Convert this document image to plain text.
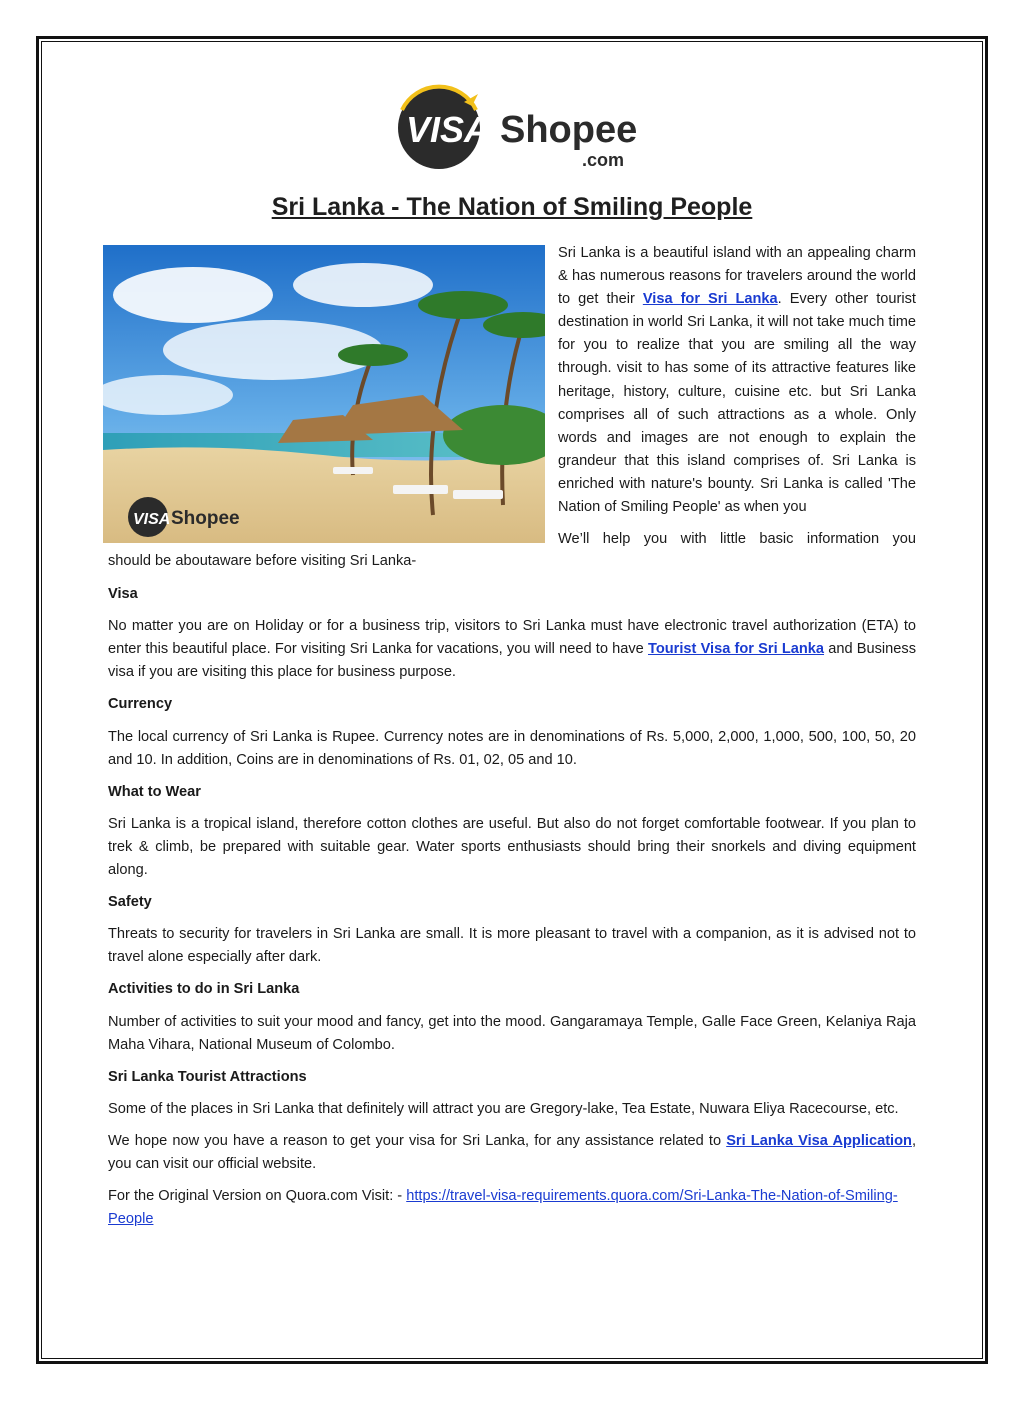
VISA Shopee
.com
Sri Lanka - The Nation of Smiling People
VISA Shopee

Sri Lanka is a beautiful island with an appealing charm & has numerous reasons for travelers around the world to get their Visa for Sri Lanka. Every other tourist destination in world Sri Lanka, it will not take much time for you to realize that you are smiling all the way through. visit to has some of its attractive features like heritage, history, culture, cuisine etc. but Sri Lanka comprises all of such attractions as a whole. Only words and images are not enough to explain the grandeur that this island comprises of. Sri Lanka is enriched with nature's bounty. Sri Lanka is called 'The Nation of Smiling People' as when you

We’ll help you with little basic information you

should be aboutaware before visiting Sri Lanka-

Visa

No matter you are on Holiday or for a business trip, visitors to Sri Lanka must have electronic travel authorization (ETA) to enter this beautiful place. For visiting Sri Lanka for vacations, you will need to have Tourist Visa for Sri Lanka and Business visa if you are visiting this place for business purpose.

Currency

The local currency of Sri Lanka is Rupee. Currency notes are in denominations of Rs. 5,000, 2,000, 1,000, 500, 100, 50, 20 and 10. In addition, Coins are in denominations of Rs. 01, 02, 05 and 10.

What to Wear

Sri Lanka is a tropical island, therefore cotton clothes are useful. But also do not forget comfortable footwear. If you plan to trek & climb, be prepared with suitable gear. Water sports enthusiasts should bring their snorkels and diving equipment along.

Safety

Threats to security for travelers in Sri Lanka are small. It is more pleasant to travel with a companion, as it is advised not to travel alone especially after dark.

Activities to do in Sri Lanka

Number of activities to suit your mood and fancy, get into the mood. Gangaramaya Temple, Galle Face Green, Kelaniya Raja Maha Vihara, National Museum of Colombo.

Sri Lanka Tourist Attractions

Some of the places in Sri Lanka that definitely will attract you are Gregory-lake, Tea Estate, Nuwara Eliya Racecourse, etc.

We hope now you have a reason to get your visa for Sri Lanka, for any assistance related to Sri Lanka Visa Application, you can visit our official website.

For the Original Version on Quora.com Visit: - https://travel-visa-requirements.quora.com/Sri-Lanka-The-Nation-of-Smiling-People
